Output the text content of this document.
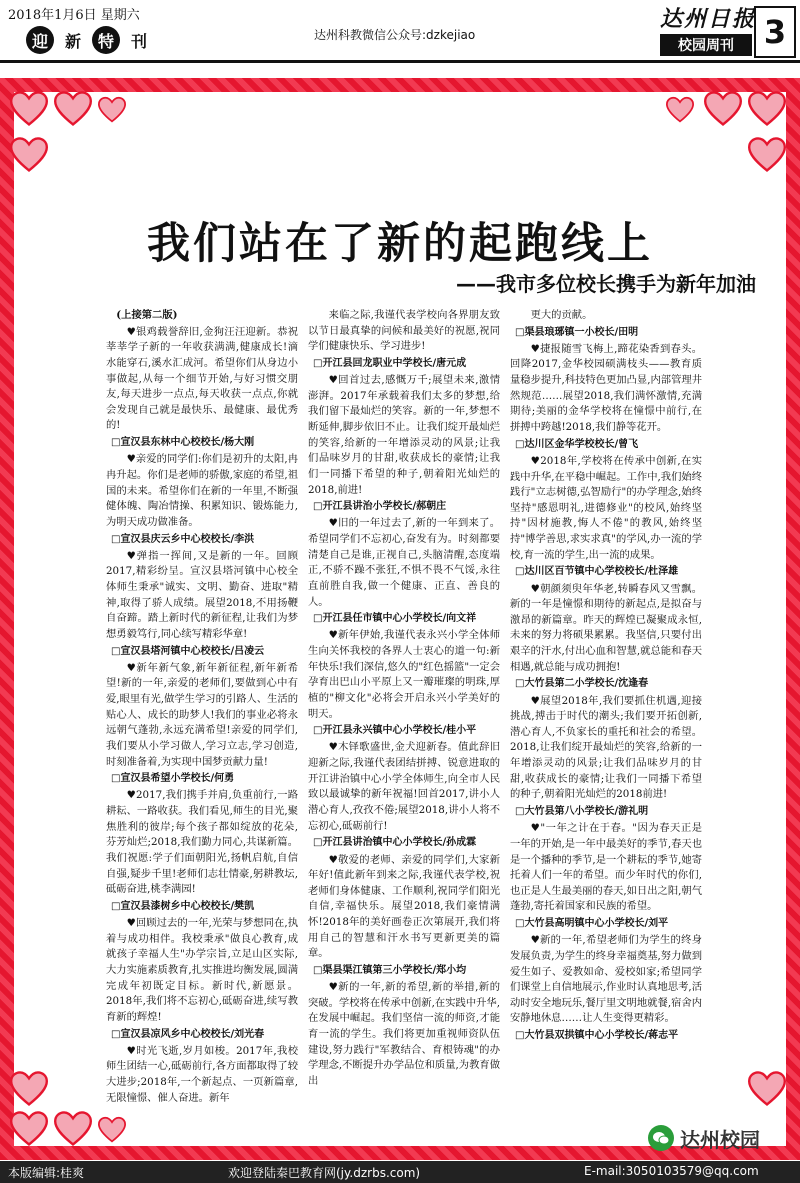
2018年1月6日 星期六
迎	新	特	刊	达州科教微信公众号:dzkejiao
达州日报
校园周刊 3
我们站在了新的起跑线上
——我市多位校长携手为新年加油

(上接第二版)

♥银鸡载誉辞旧,金狗汪汪迎新。恭祝莘莘学子新的一年收获满满,健康成长!滴水能穿石,溪水汇成河。希望你们从身边小事做起,从每一个细节开始,与好习惯交朋友,每天进步一点点,每天收获一点点,你就会发现自己就是最快乐、最健康、最优秀的!

□宣汉县东林中心校校长/杨大刚

♥亲爱的同学们:你们是初升的太阳,冉冉升起。你们是老师的骄傲,家庭的希望,祖国的未来。希望你们在新的一年里,不断强健体魄、陶冶情操、积累知识、锻炼能力,为明天成功做准备。

□宣汉县庆云乡中心校校长/李洪

♥弹指一挥间,又是新的一年。回顾2017,精彩纷呈。宣汉县塔河镇中心校全体师生秉承"诚实、文明、勤奋、进取"精神,取得了骄人成绩。展望2018,不用扬鞭自奋蹄。踏上新时代的新征程,让我们为梦想勇毅笃行,同心续写精彩华章!

□宣汉县塔河镇中心校校长/吕凌云

♥新年新气象,新年新征程,新年新希望!新的一年,亲爱的老师们,要做到心中有爱,眼里有光,做学生学习的引路人、生活的贴心人、成长的助梦人!我们的事业必将永远朝气蓬勃,永远充满希望!亲爱的同学们,我们要从小学习做人,学习立志,学习创造,时刻准备着,为实现中国梦贡献力量!

□宣汉县希望小学校长/何勇

♥2017,我们携手并肩,负重前行,一路耕耘、一路收获。我们看见,师生的目光,聚焦胜利的彼岸;每个孩子都如绽放的花朵,芬芳灿烂;2018,我们勤力同心,共谋新篇。我们祝愿:学子们面朝阳光,扬帆启航,自信自强,疑步千里!老师们志壮情豪,躬耕教坛,砥砺奋进,桃李满园!

□宣汉县漆树乡中心校校长/樊凯

♥回顾过去的一年,光荣与梦想同在,执着与成功相伴。我校秉承"做良心教育,成就孩子幸福人生"办学宗旨,立足山区实际,大力实施素质教育,扎实推进均衡发展,圆满完成年初既定目标。新时代,新愿景。2018年,我们将不忘初心,砥砺奋进,续写教育新的辉煌!

□宣汉县凉风乡中心校校长/刘光春

♥时光飞逝,岁月如梭。2017年,我校师生团结一心,砥砺前行,各方面都取得了较大进步;2018年,一个新起点、一页新篇章,无限憧憬、催人奋进。新年

来临之际,我谨代表学校向各界朋友致以节日最真挚的问候和最美好的祝愿,祝同学们健康快乐、学习进步!

□开江县回龙职业中学校长/唐元成

♥回首过去,感慨万千;展望未来,激情澎湃。2017年承载着我们太多的梦想,给我们留下最灿烂的笑容。新的一年,梦想不断延伸,脚步依旧不止。让我们绽开最灿烂的笑容,给新的一年增添灵动的风景;让我们品味岁月的甘甜,收获成长的豪情;让我们一同播下希望的种子,朝着阳光灿烂的2018,前进!

□开江县讲治小学校长/郝朝庄

♥旧的一年过去了,新的一年到来了。希望同学们不忘初心,奋发有为。时刻都要清楚自己是谁,正视自己,头脑清醒,态度端正,不骄不躁不张狂,不惧不畏不气馁,永往直前胜自我,做一个健康、正直、善良的人。

□开江县任市镇中心小学校长/向文祥

♥新年伊始,我谨代表永兴小学全体师生向关怀我校的各界人士衷心的道一句:新年快乐!我们深信,悠久的"红色摇篮"一定会孕育出巴山小平原上又一瓣璀璨的明珠,厚植的"柳文化"必将会开启永兴小学美好的明天。

□开江县永兴镇中心小学校长/桂小平

♥木铎歌盛世,金犬迎新春。值此辞旧迎新之际,我谨代表团结拼搏、锐意进取的开江讲治镇中心小学全体师生,向全市人民致以最诚挚的新年祝福!回首2017,讲小人潜心育人,孜孜不倦;展望2018,讲小人将不忘初心,砥砺前行!

□开江县讲治镇中心小学校长/孙成霖

♥敬爱的老师、亲爱的同学们,大家新年好!值此新年到来之际,我谨代表学校,祝老师们身体健康、工作顺利,祝同学们阳光自信,幸福快乐。展望2018,我们豪情满怀!2018年的美好画卷正次第展开,我们将用自己的智慧和汗水书写更新更美的篇章。

□渠县渠江镇第三小学校长/郑小均

♥新的一年,新的希望,新的举措,新的突破。学校将在传承中创新,在实践中升华,在发展中崛起。我们坚信一流的师资,才能育一流的学生。我们将更加重视师资队伍建设,努力践行"军教结合、育根铸魂"的办学理念,不断提升办学品位和质量,为教育做出

更大的贡献。

□渠县琅琊镇一小校长/田明

♥捷报随雪飞梅上,蹄花染香到春头。回降2017,金华校园硕满枝头——教育质量稳步提升,科技特色更加凸显,内部管理井然规范……展望2018,我们满怀激情,充满期待;美丽的金华学校将在憧憬中前行,在拼搏中跨越!2018,我们静等花开。

□达川区金华学校校长/曾飞

♥2018年,学校将在传承中创新,在实践中升华,在平稳中崛起。工作中,我们始终践行"立志树德,弘智励行"的办学理念,始终坚持"感恩明礼,进德修业"的校风,始终坚持"因材施教,悔人不倦"的教风,始终坚持"博学善思,求实求真"的学风,办一流的学校,育一流的学生,出一流的成果。

□达川区百节镇中心学校校长/杜泽雄

♥朝颜须臾年华老,转瞬春风又雪飘。新的一年是憧憬和期待的新起点,是拟奋与激昂的新篇章。昨天的辉煌已凝聚成永恒,未来的努力将硕果累累。我坚信,只要付出艰辛的汗水,付出心血和智慧,就总能和春天相遇,就总能与成功拥抱!

□大竹县第二小学校长/沈逢春

♥展望2018年,我们要抓住机遇,迎接挑战,搏击于时代的潮头;我们要开拓创新,潜心育人,不负家长的重托和社会的希望。2018,让我们绽开最灿烂的笑容,给新的一年增添灵动的风景;让我们品味岁月的甘甜,收获成长的豪情;让我们一同播下希望的种子,朝着阳光灿烂的2018前进!

□大竹县第八小学校长/游礼明

♥"一年之计在于春。"因为春天正是一年的开始,是一年中最美好的季节,春天也是一个播种的季节,是一个耕耘的季节,她寄托着人们一年的希望。而少年时代的你们,也正是人生最美丽的春天,如日出之阳,朝气蓬勃,寄托着国家和民族的希望。

□大竹县高明镇中心小学校长/刘平

♥新的一年,希望老师们为学生的终身发展负责,为学生的终身幸福奠基,努力做到爱生如子、爱教如命、爱校如家;希望同学们课堂上自信地展示,作业时认真地思考,活动时安全地玩乐,餐厅里文明地就餐,宿舍内安静地休息……让人生变得更精彩。

□大竹县双拱镇中心小学校长/蒋志平

达州校园
本版编辑:桂爽	欢迎登陆秦巴教育网(jy.dzrbs.com)	E-mail:3050103579@qq.com
